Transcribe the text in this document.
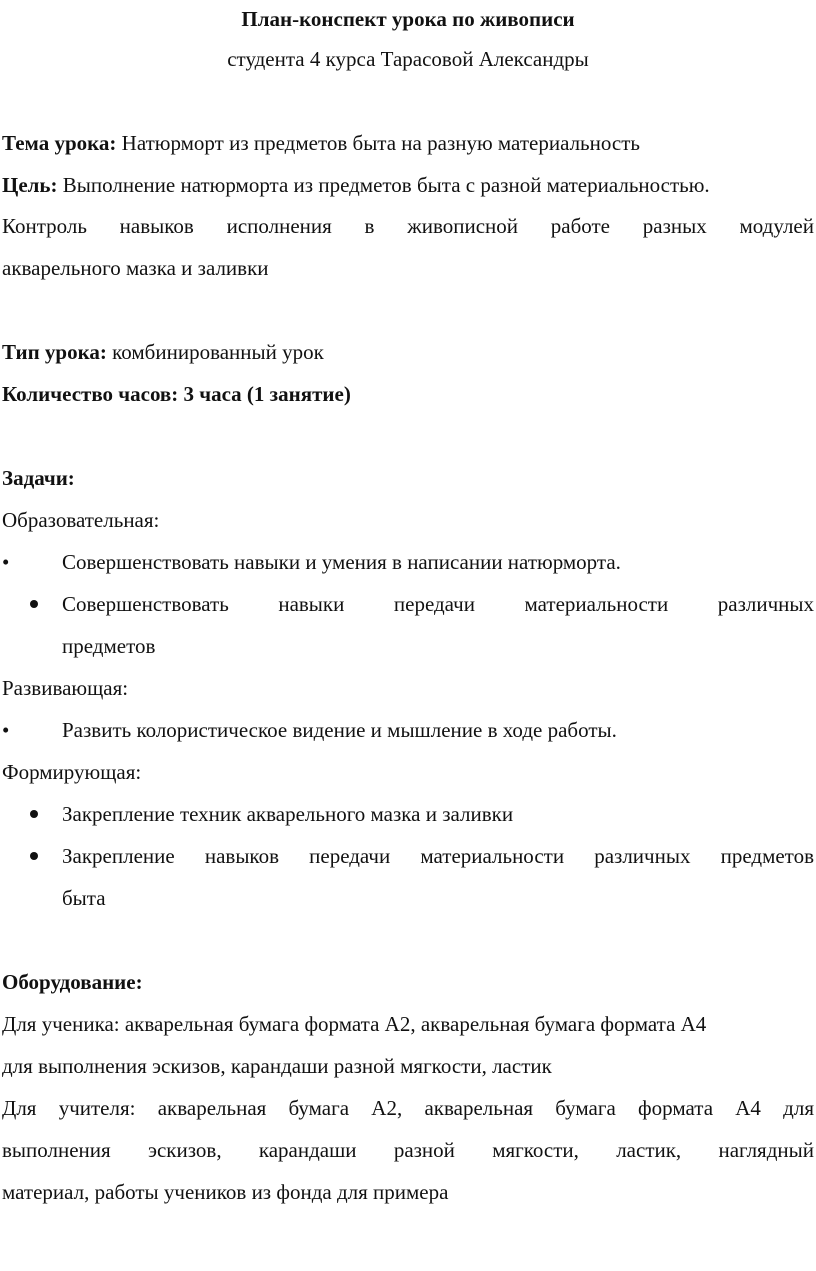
План-конспект урока по живописи
студента 4 курса Тарасовой Александры
Тема урока: Натюрморт из предметов быта на разную материальность
Цель: Выполнение натюрморта из предметов быта с разной материальностью.
Контроль навыков исполнения в живописной работе разных модулей
акварельного мазка и заливки
Тип урока: комбинированный урок
Количество часов: 3 часа (1 занятие)
Задачи:
Образовательная:
•	Совершенствовать навыки и умения в написании натюрморта.
Совершенствовать навыки передачи материальности различных
предметов
Развивающая:
•	Развить колористическое видение и мышление в ходе работы.
Формирующая:
Закрепление техник акварельного мазка и заливки
Закрепление навыков передачи материальности различных предметов
быта
Оборудование:
Для ученика: акварельная бумага формата А2, акварельная бумага формата А4
для выполнения эскизов, карандаши разной мягкости, ластик
Для учителя: акварельная бумага А2, акварельная бумага формата А4 для
выполнения эскизов, карандаши разной мягкости, ластик, наглядный
материал, работы учеников из фонда для примера
